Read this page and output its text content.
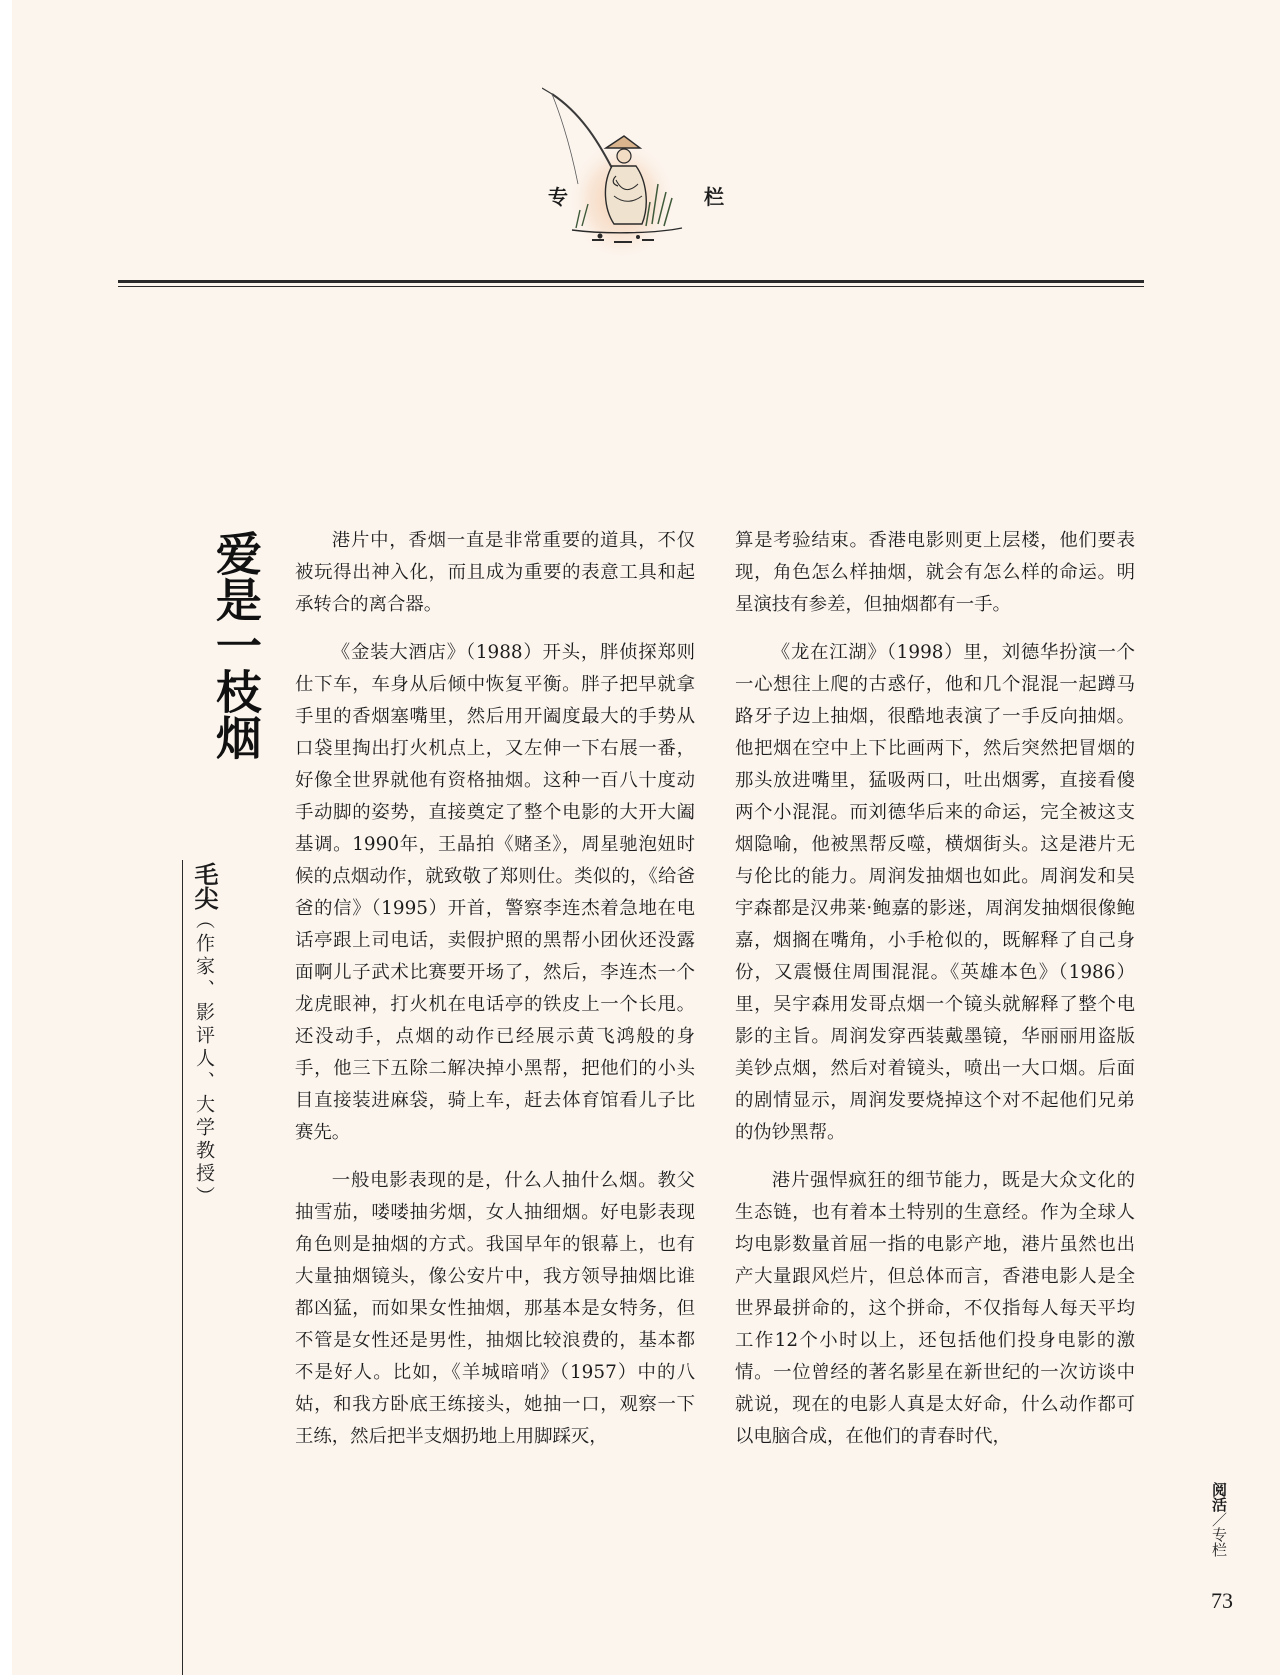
专	栏
爱是一枝烟
毛尖（作家、影评人、大学教授）

港片中，香烟一直是非常重要的道具，不仅被玩得出神入化，而且成为重要的表意工具和起承转合的离合器。

《金装大酒店》（1988）开头，胖侦探郑则仕下车，车身从后倾中恢复平衡。胖子把早就拿手里的香烟塞嘴里，然后用开阖度最大的手势从口袋里掏出打火机点上，又左伸一下右展一番，好像全世界就他有资格抽烟。这种一百八十度动手动脚的姿势，直接奠定了整个电影的大开大阖基调。1990年，王晶拍《赌圣》，周星驰泡妞时候的点烟动作，就致敬了郑则仕。类似的，《给爸爸的信》（1995）开首，警察李连杰着急地在电话亭跟上司电话，卖假护照的黑帮小团伙还没露面啊儿子武术比赛要开场了，然后，李连杰一个龙虎眼神，打火机在电话亭的铁皮上一个长甩。还没动手，点烟的动作已经展示黄飞鸿般的身手，他三下五除二解决掉小黑帮，把他们的小头目直接装进麻袋，骑上车，赶去体育馆看儿子比赛先。

一般电影表现的是，什么人抽什么烟。教父抽雪茄，喽喽抽劣烟，女人抽细烟。好电影表现角色则是抽烟的方式。我国早年的银幕上，也有大量抽烟镜头，像公安片中，我方领导抽烟比谁都凶猛，而如果女性抽烟，那基本是女特务，但不管是女性还是男性，抽烟比较浪费的，基本都不是好人。比如，《羊城暗哨》（1957）中的八姑，和我方卧底王练接头，她抽一口，观察一下王练，然后把半支烟扔地上用脚踩灭，

算是考验结束。香港电影则更上层楼，他们要表现，角色怎么样抽烟，就会有怎么样的命运。明星演技有参差，但抽烟都有一手。

《龙在江湖》（1998）里，刘德华扮演一个一心想往上爬的古惑仔，他和几个混混一起蹲马路牙子边上抽烟，很酷地表演了一手反向抽烟。他把烟在空中上下比画两下，然后突然把冒烟的那头放进嘴里，猛吸两口，吐出烟雾，直接看傻两个小混混。而刘德华后来的命运，完全被这支烟隐喻，他被黑帮反噬，横烟街头。这是港片无与伦比的能力。周润发抽烟也如此。周润发和吴宇森都是汉弗莱·鲍嘉的影迷，周润发抽烟很像鲍嘉，烟搁在嘴角，小手枪似的，既解释了自己身份，又震慑住周围混混。《英雄本色》（1986）里，吴宇森用发哥点烟一个镜头就解释了整个电影的主旨。周润发穿西装戴墨镜，华丽丽用盗版美钞点烟，然后对着镜头，喷出一大口烟。后面的剧情显示，周润发要烧掉这个对不起他们兄弟的伪钞黑帮。

港片强悍疯狂的细节能力，既是大众文化的生态链，也有着本土特别的生意经。作为全球人均电影数量首屈一指的电影产地，港片虽然也出产大量跟风烂片，但总体而言，香港电影人是全世界最拼命的，这个拼命，不仅指每人每天平均工作12个小时以上，还包括他们投身电影的激情。一位曾经的著名影星在新世纪的一次访谈中就说，现在的电影人真是太好命，什么动作都可以电脑合成，在他们的青春时代，

阅活／专栏
73
